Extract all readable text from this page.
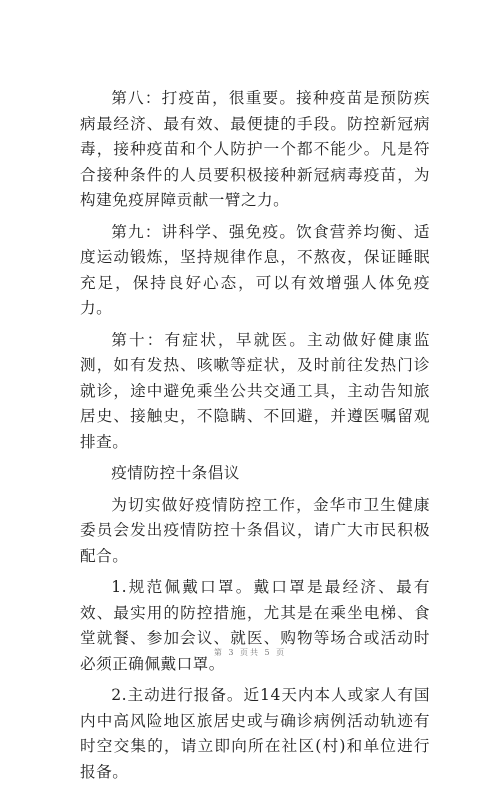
第八：打疫苗，很重要。接种疫苗是预防疾病最经济、最有效、最便捷的手段。防控新冠病毒，接种疫苗和个人防护一个都不能少。凡是符合接种条件的人员要积极接种新冠病毒疫苗，为构建免疫屏障贡献一臂之力。

第九：讲科学、强免疫。饮食营养均衡、适度运动锻炼，坚持规律作息，不熬夜，保证睡眠充足，保持良好心态，可以有效增强人体免疫力。

第十：有症状，早就医。主动做好健康监测，如有发热、咳嗽等症状，及时前往发热门诊就诊，途中避免乘坐公共交通工具，主动告知旅居史、接触史，不隐瞒、不回避，并遵医嘱留观排查。

疫情防控十条倡议

为切实做好疫情防控工作，金华市卫生健康委员会发出疫情防控十条倡议，请广大市民积极配合。

1.规范佩戴口罩。戴口罩是最经济、最有效、最实用的防控措施，尤其是在乘坐电梯、食堂就餐、参加会议、就医、购物等场合或活动时必须正确佩戴口罩。

2.主动进行报备。近14天内本人或家人有国内中高风险地区旅居史或与确诊病例活动轨迹有时空交集的，请立即向所在社区(村)和单位进行报备。

第 3 页共 5 页
